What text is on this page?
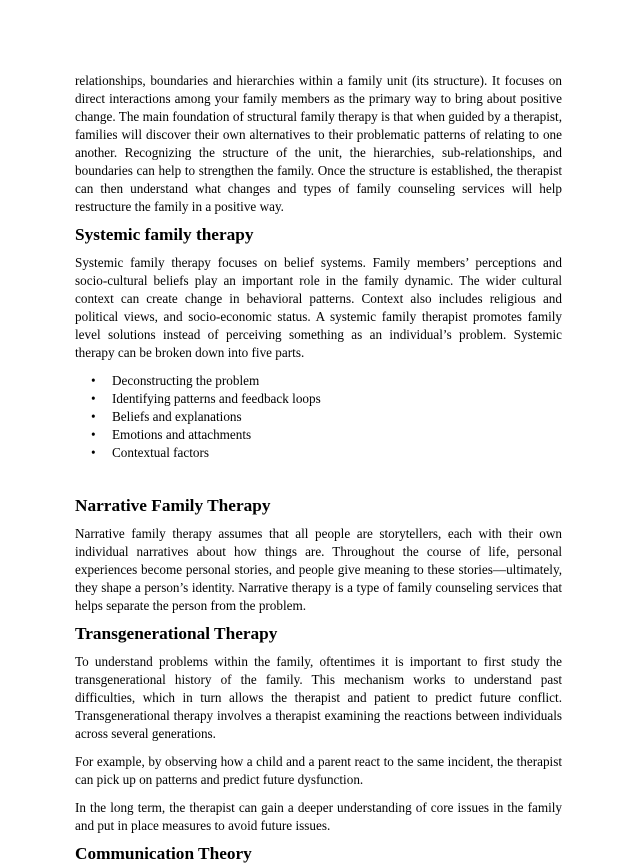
relationships, boundaries and hierarchies within a family unit (its structure). It focuses on direct interactions among your family members as the primary way to bring about positive change. The main foundation of structural family therapy is that when guided by a therapist, families will discover their own alternatives to their problematic patterns of relating to one another. Recognizing the structure of the unit, the hierarchies, sub-relationships, and boundaries can help to strengthen the family. Once the structure is established, the therapist can then understand what changes and types of family counseling services will help restructure the family in a positive way.

Systemic family therapy

Systemic family therapy focuses on belief systems. Family members’ perceptions and socio-cultural beliefs play an important role in the family dynamic. The wider cultural context can create change in behavioral patterns. Context also includes religious and political views, and socio-economic status. A systemic family therapist promotes family level solutions instead of perceiving something as an individual’s problem. Systemic therapy can be broken down into five parts.

• Deconstructing the problem
• Identifying patterns and feedback loops
• Beliefs and explanations
• Emotions and attachments
• Contextual factors
Narrative Family Therapy

Narrative family therapy assumes that all people are storytellers, each with their own individual narratives about how things are. Throughout the course of life, personal experiences become personal stories, and people give meaning to these stories—ultimately, they shape a person’s identity. Narrative therapy is a type of family counseling services that helps separate the person from the problem.

Transgenerational Therapy

To understand problems within the family, oftentimes it is important to first study the transgenerational history of the family. This mechanism works to understand past difficulties, which in turn allows the therapist and patient to predict future conflict. Transgenerational therapy involves a therapist examining the reactions between individuals across several generations.

For example, by observing how a child and a parent react to the same incident, the therapist can pick up on patterns and predict future dysfunction.

In the long term, the therapist can gain a deeper understanding of core issues in the family and put in place measures to avoid future issues.

Communication Theory
